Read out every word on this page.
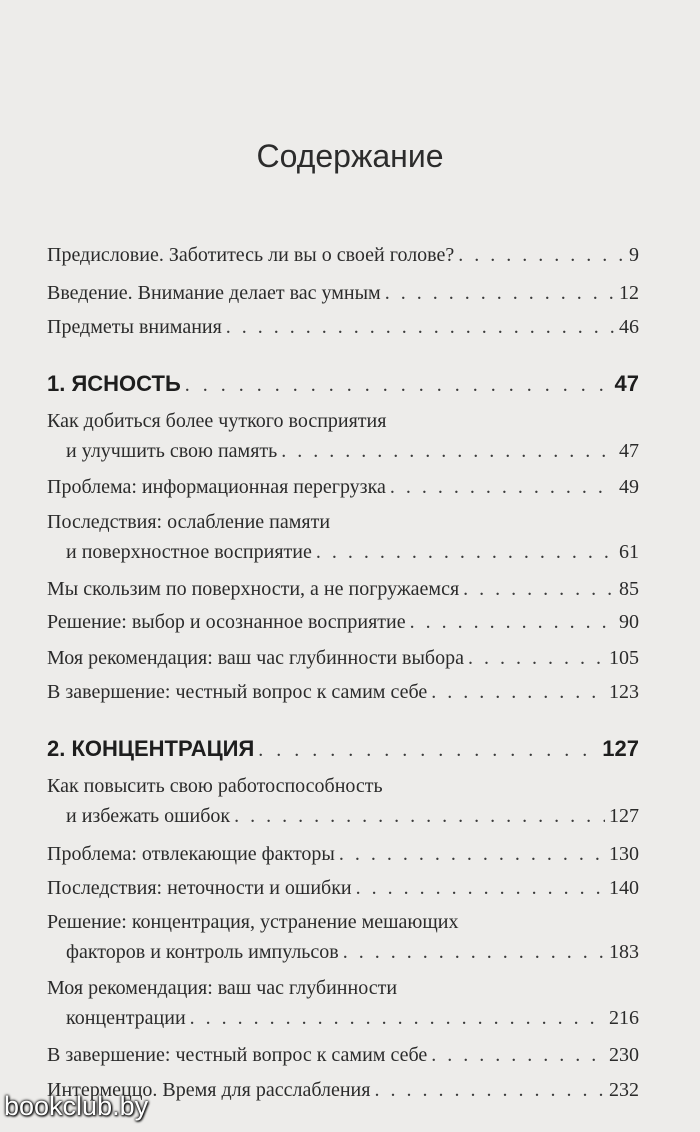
Содержание
Предисловие. Заботитесь ли вы о своей голове? . . .	9
Введение. Внимание делает вас умным . . .	12
Предметы внимания . . .	46
1. ЯСНОСТЬ . . .	47
Как добиться более чуткого восприятия
и улучшить свою память . . .	47
Проблема: информационная перегрузка . . .	49
Последствия: ослабление памяти
и поверхностное восприятие . . .	61
Мы скользим по поверхности, а не погружаемся . . .	85
Решение: выбор и осознанное восприятие . . .	90
Моя рекомендация: ваш час глубинности выбора . . .	105
В завершение: честный вопрос к самим себе . . .	123
2. КОНЦЕНТРАЦИЯ . . .	127
Как повысить свою работоспособность
и избежать ошибок . . .	127
Проблема: отвлекающие факторы . . .	130
Последствия: неточности и ошибки . . .	140
Решение: концентрация, устранение мешающих
факторов и контроль импульсов . . .	183
Моя рекомендация: ваш час глубинности
концентрации . . .	216
В завершение: честный вопрос к самим себе . . .	230
Интермеццо. Время для расслабления . . .	232
bookclub.by
